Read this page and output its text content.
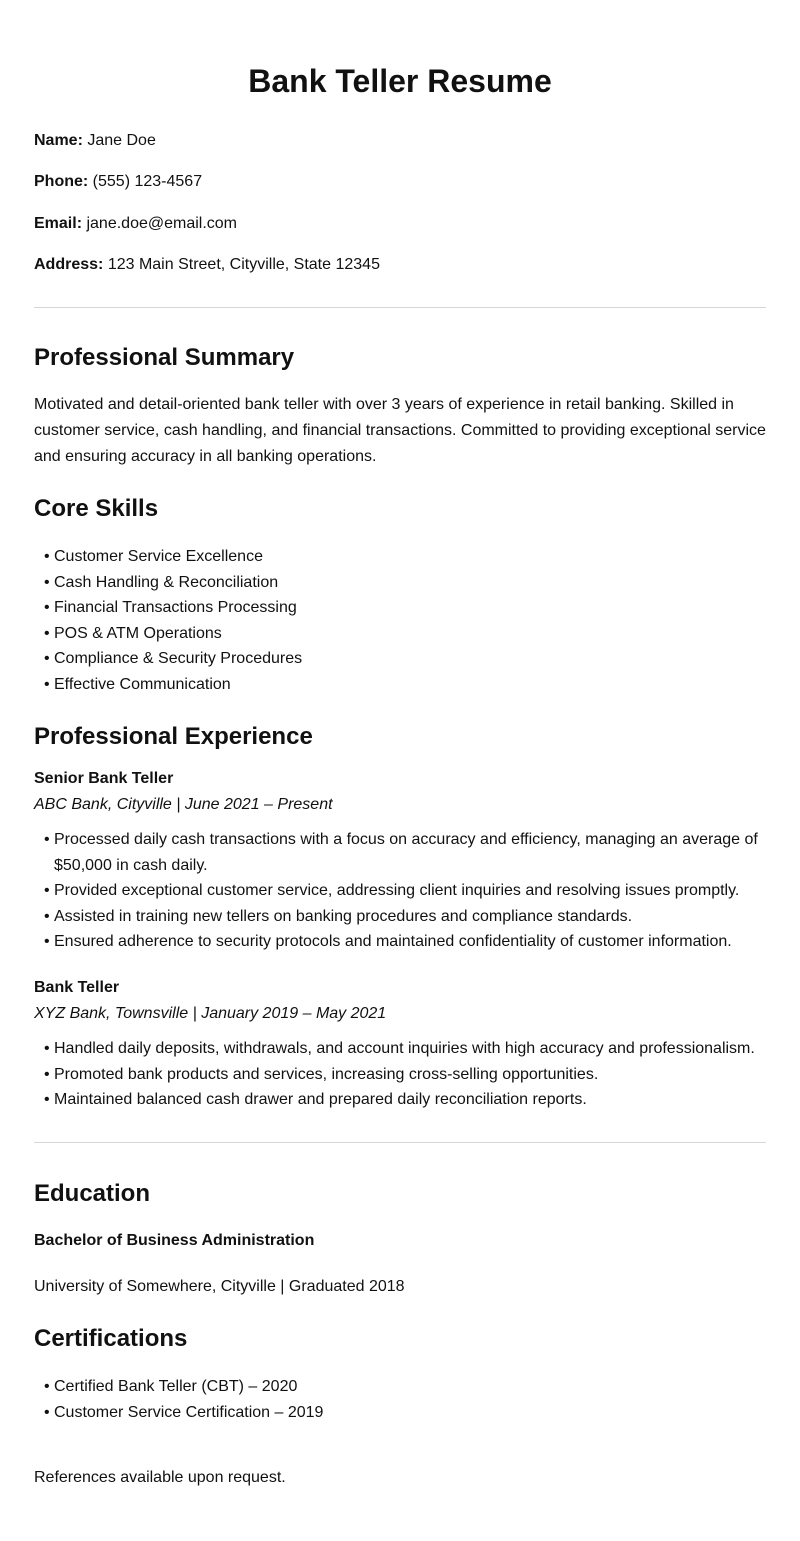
Bank Teller Resume

Name: Jane Doe

Phone: (555) 123-4567

Email: jane.doe@email.com

Address: 123 Main Street, Cityville, State 12345

Professional Summary

Motivated and detail-oriented bank teller with over 3 years of experience in retail banking. Skilled in customer service, cash handling, and financial transactions. Committed to providing exceptional service and ensuring accuracy in all banking operations.

Core Skills
• Customer Service Excellence
• Cash Handling & Reconciliation
• Financial Transactions Processing
• POS & ATM Operations
• Compliance & Security Procedures
• Effective Communication
Professional Experience
Senior Bank Teller
ABC Bank, Cityville | June 2021 – Present
• Processed daily cash transactions with a focus on accuracy and efficiency, managing an average of $50,000 in cash daily.
• Provided exceptional customer service, addressing client inquiries and resolving issues promptly.
• Assisted in training new tellers on banking procedures and compliance standards.
• Ensured adherence to security protocols and maintained confidentiality of customer information.
Bank Teller
XYZ Bank, Townsville | January 2019 – May 2021
• Handled daily deposits, withdrawals, and account inquiries with high accuracy and professionalism.
• Promoted bank products and services, increasing cross-selling opportunities.
• Maintained balanced cash drawer and prepared daily reconciliation reports.
Education
Bachelor of Business Administration
University of Somewhere, Cityville | Graduated 2018
Certifications
• Certified Bank Teller (CBT) – 2020
• Customer Service Certification – 2019
References available upon request.
